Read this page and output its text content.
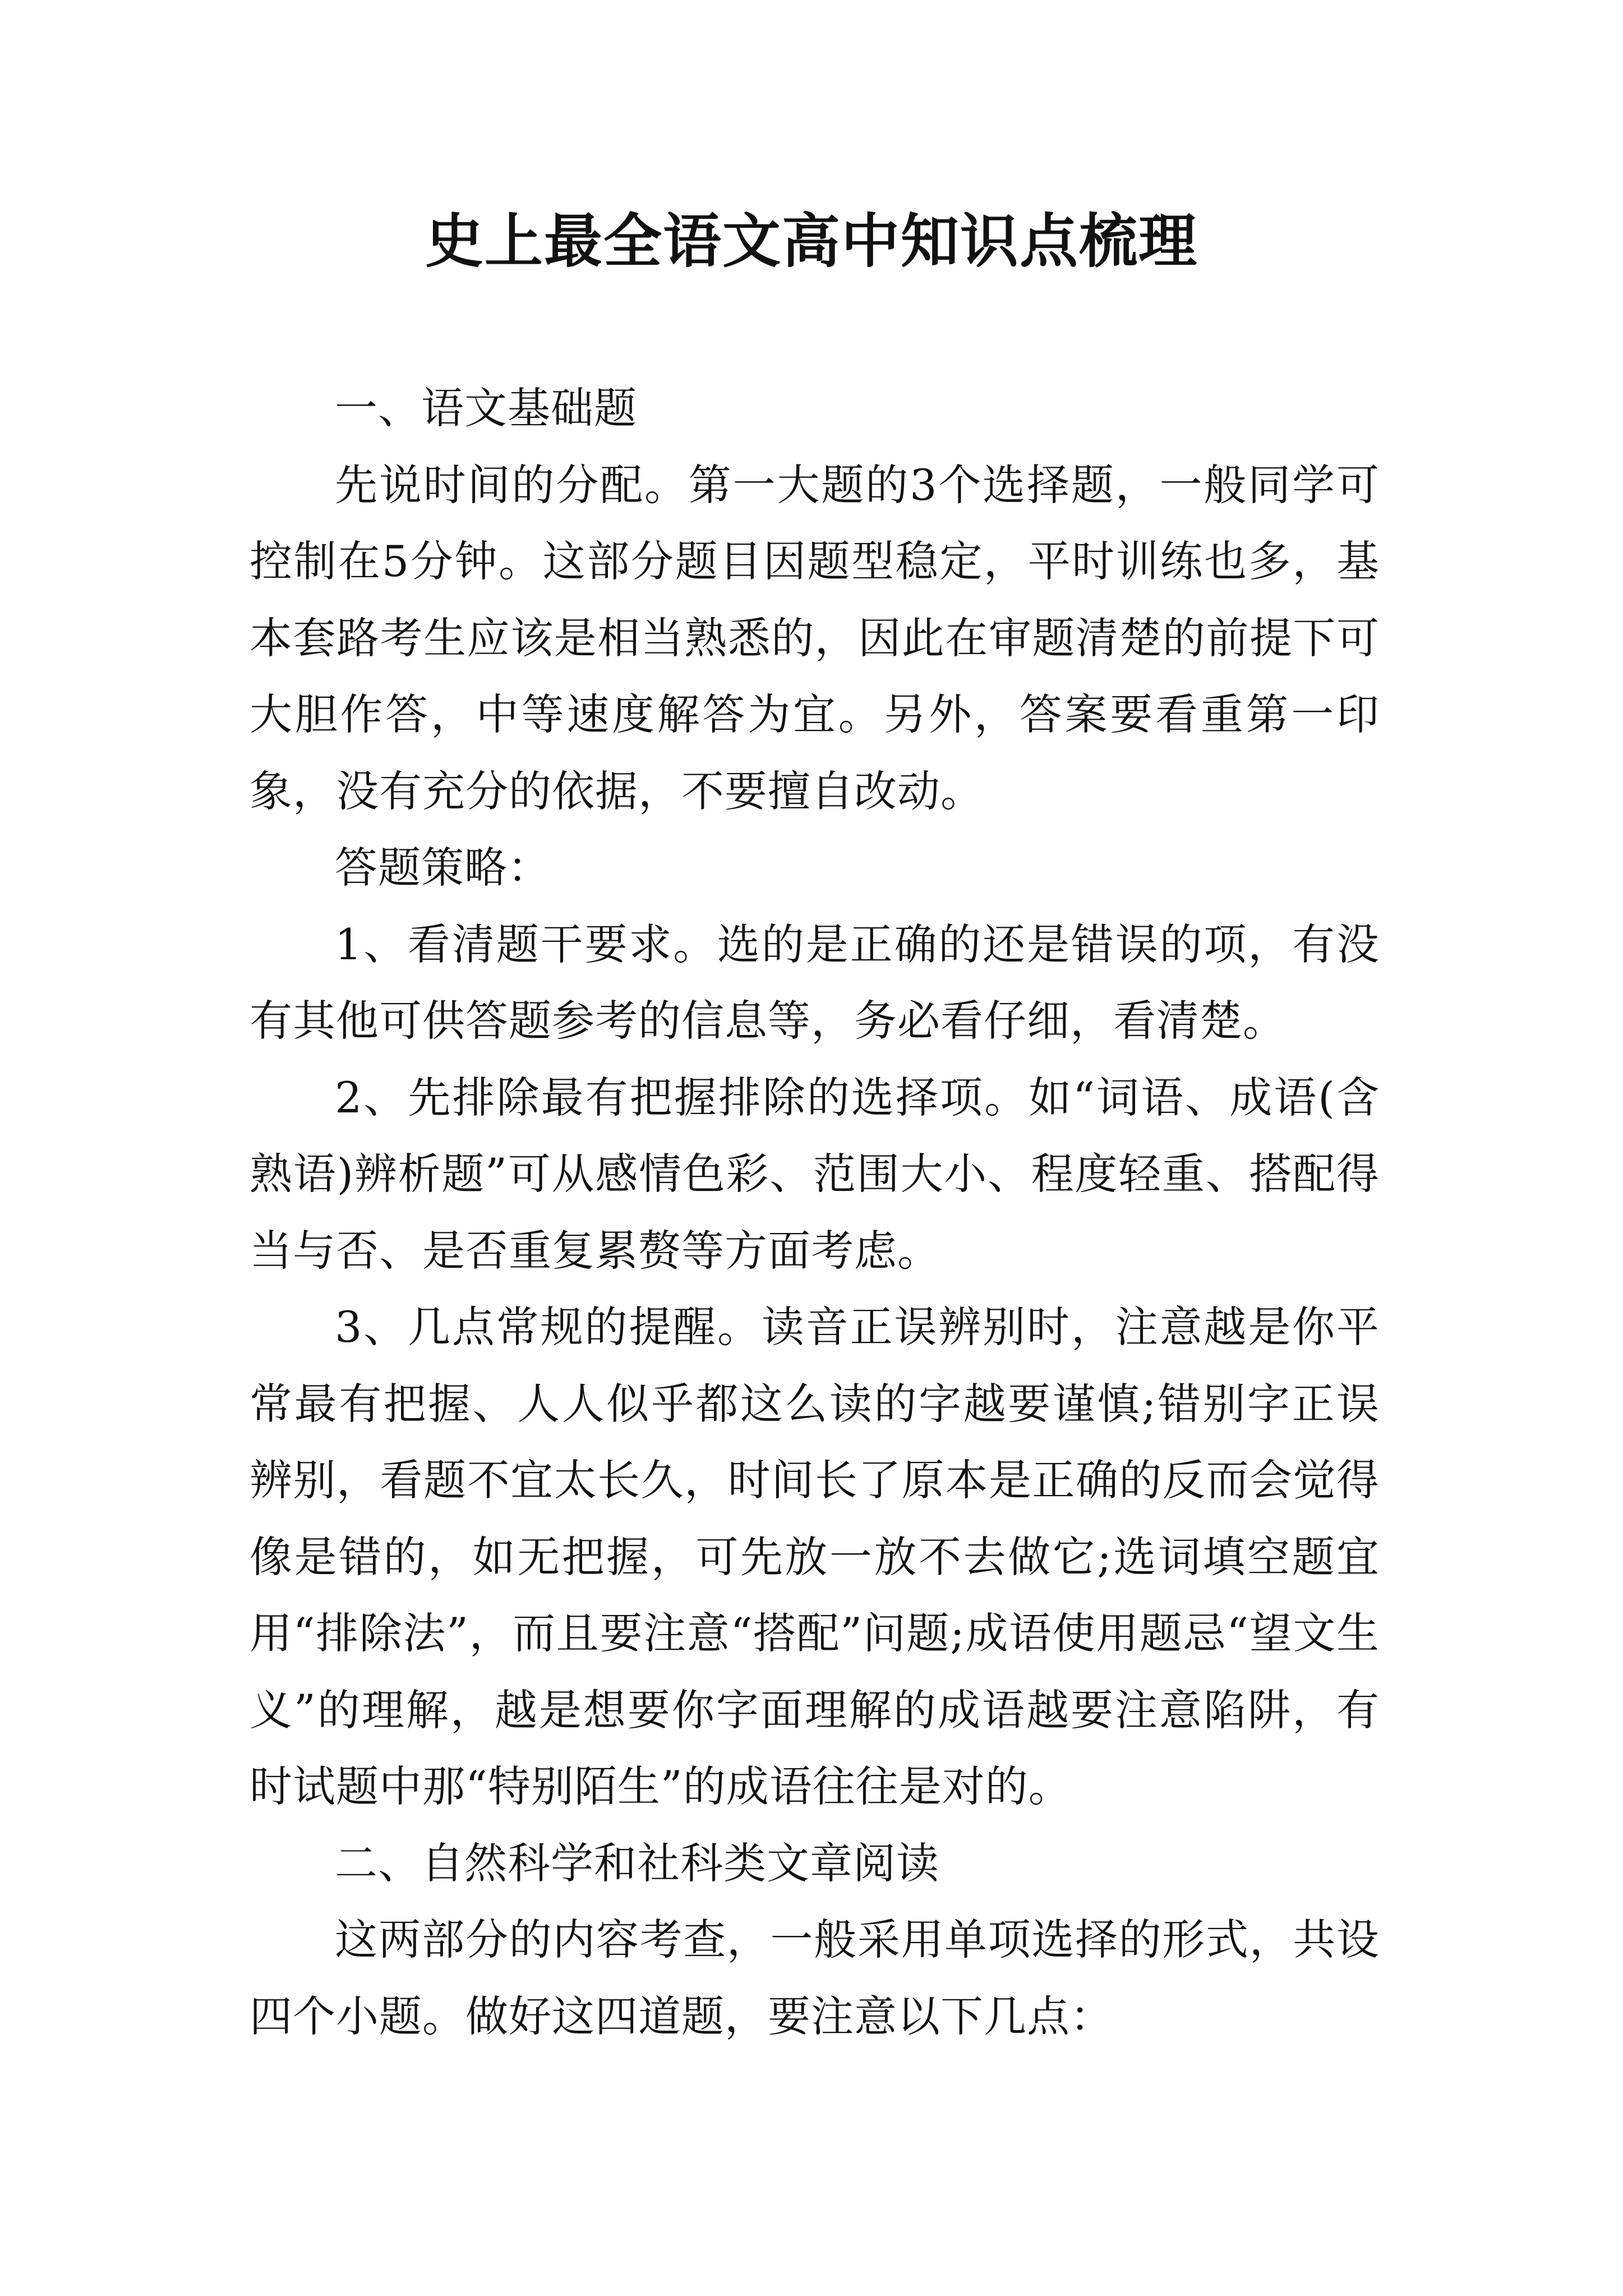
史上最全语文高中知识点梳理

一、语文基础题

先说时间的分配。第一大题的3个选择题，一般同学可控制在5分钟。这部分题目因题型稳定，平时训练也多，基本套路考生应该是相当熟悉的，因此在审题清楚的前提下可大胆作答，中等速度解答为宜。另外，答案要看重第一印象，没有充分的依据，不要擅自改动。

答题策略：

1、看清题干要求。选的是正确的还是错误的项，有没有其他可供答题参考的信息等，务必看仔细，看清楚。

2、先排除最有把握排除的选择项。如“词语、成语(含熟语)辨析题”可从感情色彩、范围大小、程度轻重、搭配得当与否、是否重复累赘等方面考虑。

3、几点常规的提醒。读音正误辨别时，注意越是你平常最有把握、人人似乎都这么读的字越要谨慎;错别字正误辨别，看题不宜太长久，时间长了原本是正确的反而会觉得像是错的，如无把握，可先放一放不去做它;选词填空题宜用“排除法”，而且要注意“搭配”问题;成语使用题忌“望文生义”的理解，越是想要你字面理解的成语越要注意陷阱，有时试题中那“特别陌生”的成语往往是对的。

二、自然科学和社科类文章阅读

这两部分的内容考查，一般采用单项选择的形式，共设四个小题。做好这四道题，要注意以下几点：
